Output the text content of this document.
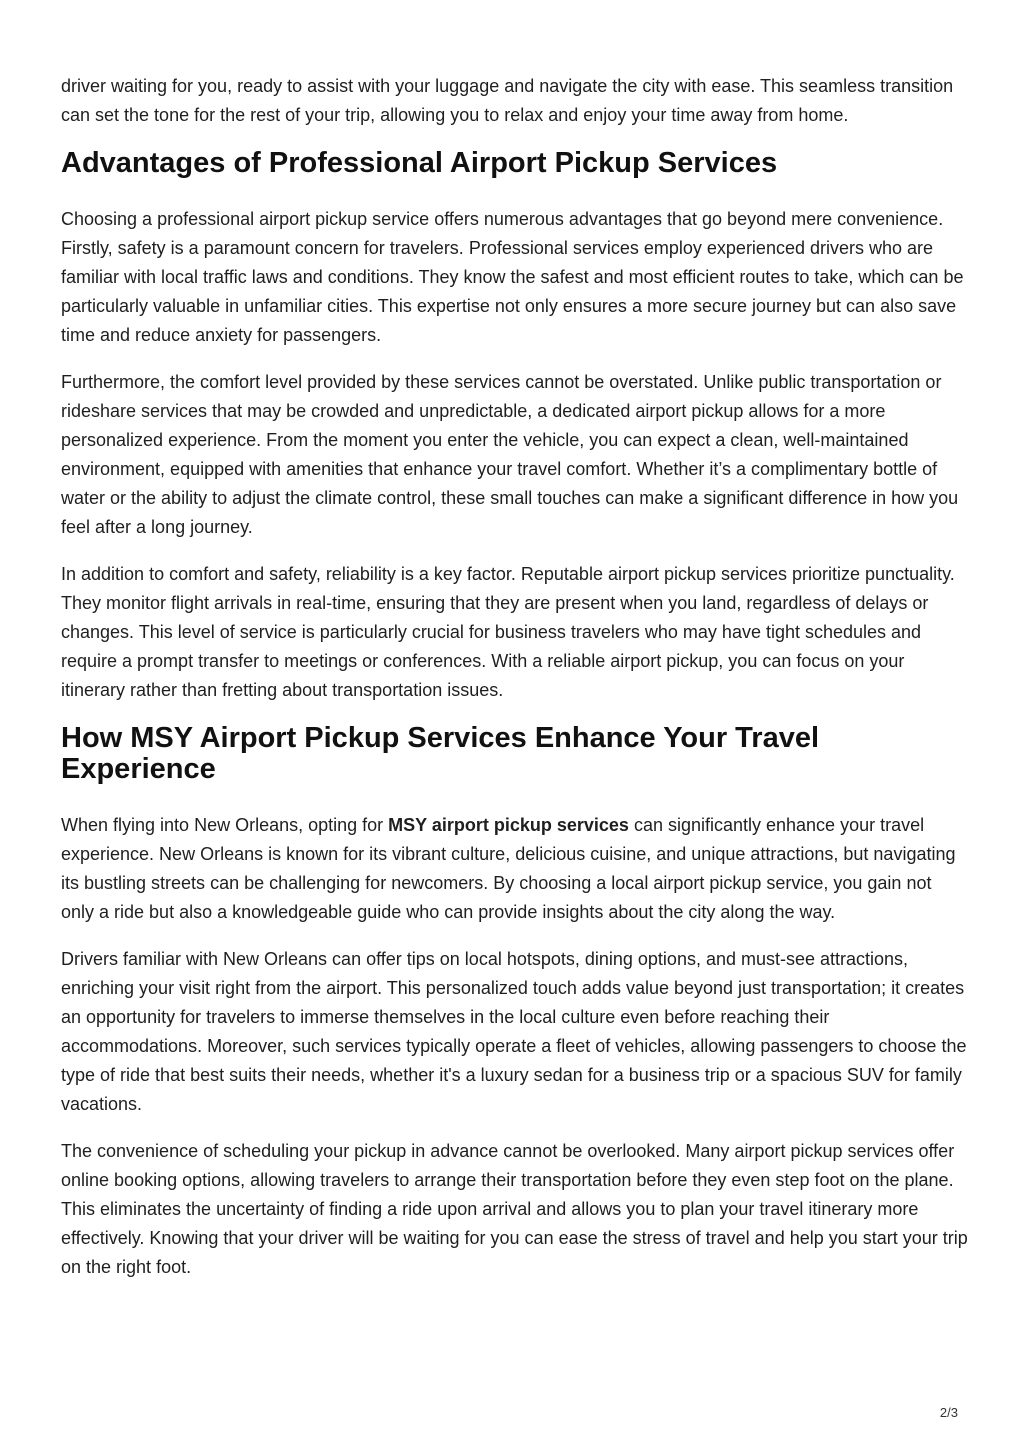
driver waiting for you, ready to assist with your luggage and navigate the city with ease. This seamless transition can set the tone for the rest of your trip, allowing you to relax and enjoy your time away from home.

Advantages of Professional Airport Pickup Services

Choosing a professional airport pickup service offers numerous advantages that go beyond mere convenience. Firstly, safety is a paramount concern for travelers. Professional services employ experienced drivers who are familiar with local traffic laws and conditions. They know the safest and most efficient routes to take, which can be particularly valuable in unfamiliar cities. This expertise not only ensures a more secure journey but can also save time and reduce anxiety for passengers.

Furthermore, the comfort level provided by these services cannot be overstated. Unlike public transportation or rideshare services that may be crowded and unpredictable, a dedicated airport pickup allows for a more personalized experience. From the moment you enter the vehicle, you can expect a clean, well-maintained environment, equipped with amenities that enhance your travel comfort. Whether it’s a complimentary bottle of water or the ability to adjust the climate control, these small touches can make a significant difference in how you feel after a long journey.

In addition to comfort and safety, reliability is a key factor. Reputable airport pickup services prioritize punctuality. They monitor flight arrivals in real-time, ensuring that they are present when you land, regardless of delays or changes. This level of service is particularly crucial for business travelers who may have tight schedules and require a prompt transfer to meetings or conferences. With a reliable airport pickup, you can focus on your itinerary rather than fretting about transportation issues.

How MSY Airport Pickup Services Enhance Your Travel Experience

When flying into New Orleans, opting for MSY airport pickup services can significantly enhance your travel experience. New Orleans is known for its vibrant culture, delicious cuisine, and unique attractions, but navigating its bustling streets can be challenging for newcomers. By choosing a local airport pickup service, you gain not only a ride but also a knowledgeable guide who can provide insights about the city along the way.

Drivers familiar with New Orleans can offer tips on local hotspots, dining options, and must-see attractions, enriching your visit right from the airport. This personalized touch adds value beyond just transportation; it creates an opportunity for travelers to immerse themselves in the local culture even before reaching their accommodations. Moreover, such services typically operate a fleet of vehicles, allowing passengers to choose the type of ride that best suits their needs, whether it's a luxury sedan for a business trip or a spacious SUV for family vacations.

The convenience of scheduling your pickup in advance cannot be overlooked. Many airport pickup services offer online booking options, allowing travelers to arrange their transportation before they even step foot on the plane. This eliminates the uncertainty of finding a ride upon arrival and allows you to plan your travel itinerary more effectively. Knowing that your driver will be waiting for you can ease the stress of travel and help you start your trip on the right foot.

2/3
